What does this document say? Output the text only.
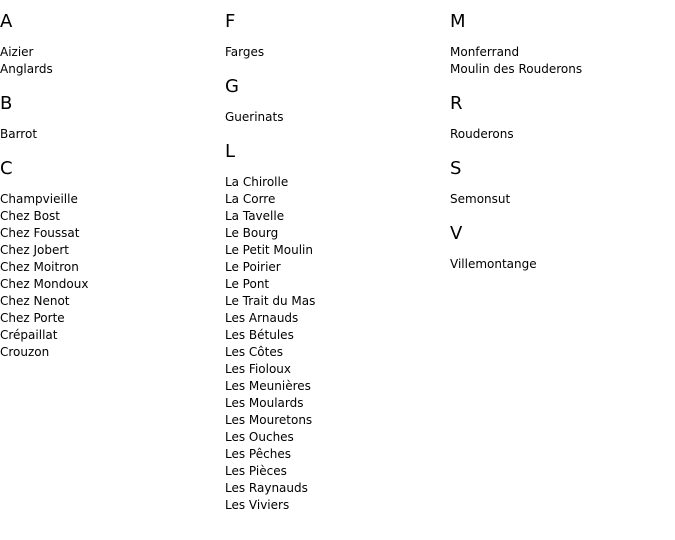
A
Aizier
Anglards
B
Barrot
C
Champvieille
Chez Bost
Chez Foussat
Chez Jobert
Chez Moitron
Chez Mondoux
Chez Nenot
Chez Porte
Crépaillat
Crouzon
F
Farges
G
Guerinats
L
La Chirolle
La Corre
La Tavelle
Le Bourg
Le Petit Moulin
Le Poirier
Le Pont
Le Trait du Mas
Les Arnauds
Les Bétules
Les Côtes
Les Fioloux
Les Meunières
Les Moulards
Les Mouretons
Les Ouches
Les Pêches
Les Pièces
Les Raynauds
Les Viviers
M
Monferrand
Moulin des Rouderons
R
Rouderons
S
Semonsut
V
Villemontange
